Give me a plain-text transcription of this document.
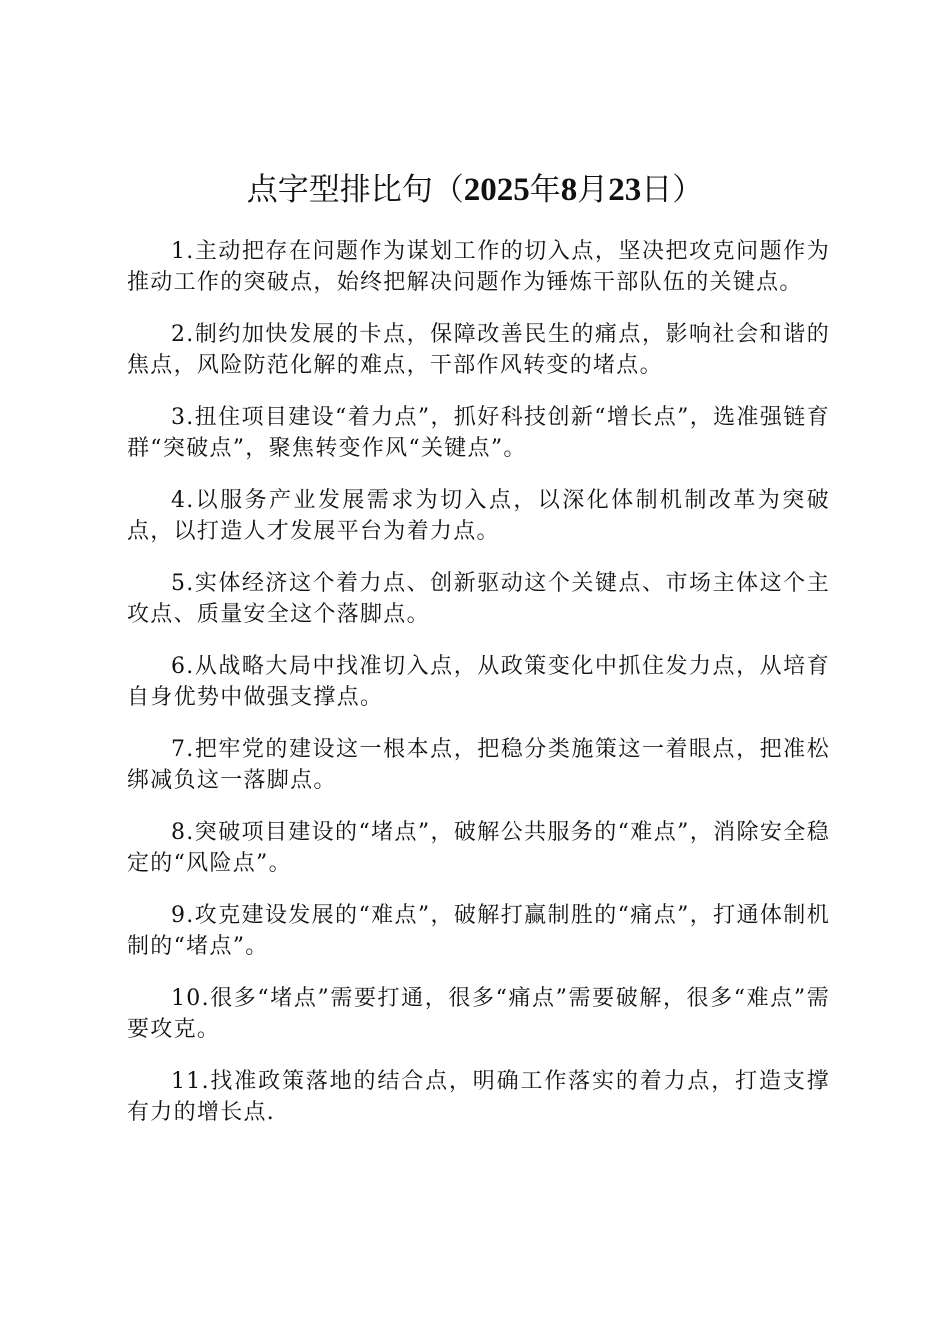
点字型排比句（2025年8月23日）
1.主动把存在问题作为谋划工作的切入点，坚决把攻克问题作为推动工作的突破点，始终把解决问题作为锤炼干部队伍的关键点。
2.制约加快发展的卡点，保障改善民生的痛点，影响社会和谐的焦点，风险防范化解的难点，干部作风转变的堵点。
3.扭住项目建设“着力点”，抓好科技创新“增长点”，选准强链育群“突破点”，聚焦转变作风“关键点”。
4.以服务产业发展需求为切入点，以深化体制机制改革为突破点，以打造人才发展平台为着力点。
5.实体经济这个着力点、创新驱动这个关键点、市场主体这个主攻点、质量安全这个落脚点。
6.从战略大局中找准切入点，从政策变化中抓住发力点，从培育自身优势中做强支撑点。
7.把牢党的建设这一根本点，把稳分类施策这一着眼点，把准松绑减负这一落脚点。
8.突破项目建设的“堵点”，破解公共服务的“难点”，消除安全稳定的“风险点”。
9.攻克建设发展的“难点”，破解打赢制胜的“痛点”，打通体制机制的“堵点”。
10.很多“堵点”需要打通，很多“痛点”需要破解，很多“难点”需要攻克。
11.找准政策落地的结合点，明确工作落实的着力点，打造支撑有力的增长点.
